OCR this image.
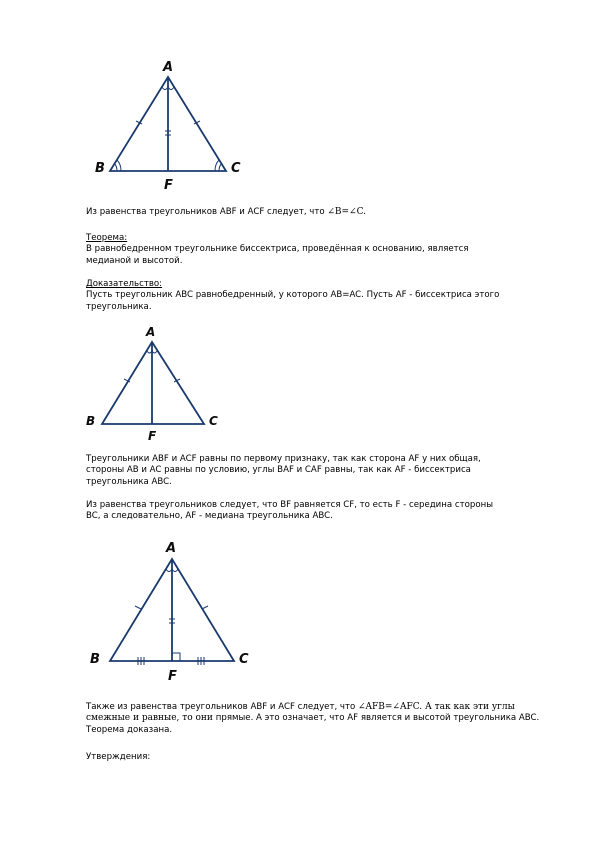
A
B	C
F
Из равенства треугольников ABF и ACF следует, что ∠B=∠C.
Теорема:
В равнобедренном треугольнике биссектриса, проведённая к основанию, является
медианой и высотой.
Доказательство:
Пусть треугольник ABC равнобедренный, у которого AB=AC. Пусть AF - биссектриса этого
треугольника.
A
B	C
F
Треугольники ABF и ACF равны по первому признаку, так как сторона AF у них общая,
стороны AB и AC равны по условию, углы BAF и CAF равны, так как AF - биссектриса
треугольника ABC.
Из равенства треугольников следует, что BF равняется CF, то есть F - середина стороны
BC, а следовательно, AF - медиана треугольника ABC.
A
B	C
F
Также из равенства треугольников ABF и ACF следует, что ∠AFB=∠AFC. А так как эти углы
смежные и равные, то они прямые. А это означает, что AF является и высотой треугольника ABC.
Теорема доказана.
Утверждения:
